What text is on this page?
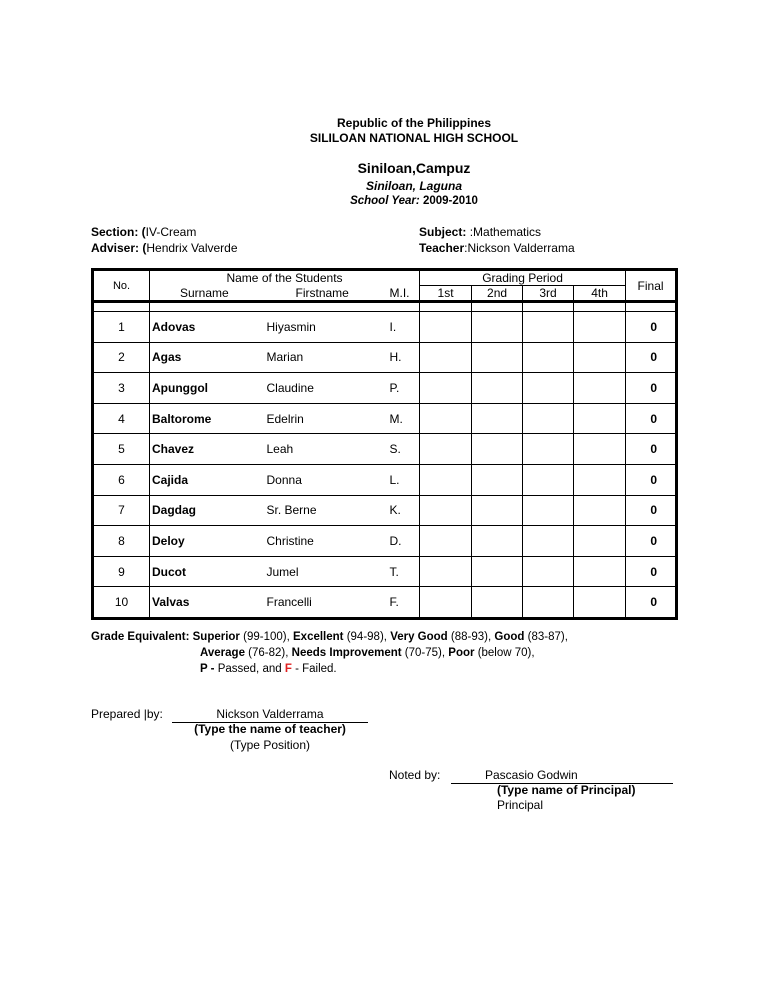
Republic of the Philippines
SILILOAN NATIONAL HIGH SCHOOL
Siniloan,Campuz
Siniloan, Laguna
School Year: 2009-2010
Section: (IV-Cream
Adviser: (Hendrix Valverde
Subject: :Mathematics
Teacher:Nickson Valderrama
No.	Name of the Students			Grading Period				Final
	Surname	Firstname	M.I.	1st	2nd	3rd	4th	

1	Adovas	Hiyasmin	I.					0
2	Agas	Marian	H.					0
3	Apunggol	Claudine	P.					0
4	Baltorome	Edelrin	M.					0
5	Chavez	Leah	S.					0
6	Cajida	Donna	L.					0
7	Dagdag	Sr. Berne	K.					0
8	Deloy	Christine	D.					0
9	Ducot	Jumel	T.					0
10	Valvas	Francelli	F.					0
Grade Equivalent: Superior (99-100), Excellent (94-98), Very Good (88-93), Good (83-87),
Average (76-82), Needs Improvement (70-75), Poor (below 70),
P - Passed, and F - Failed.
Prepared |by:	Nickson Valderrama
(Type the name of teacher)
(Type Position)
Noted by:	Pascasio Godwin
(Type name of Principal)
Principal
